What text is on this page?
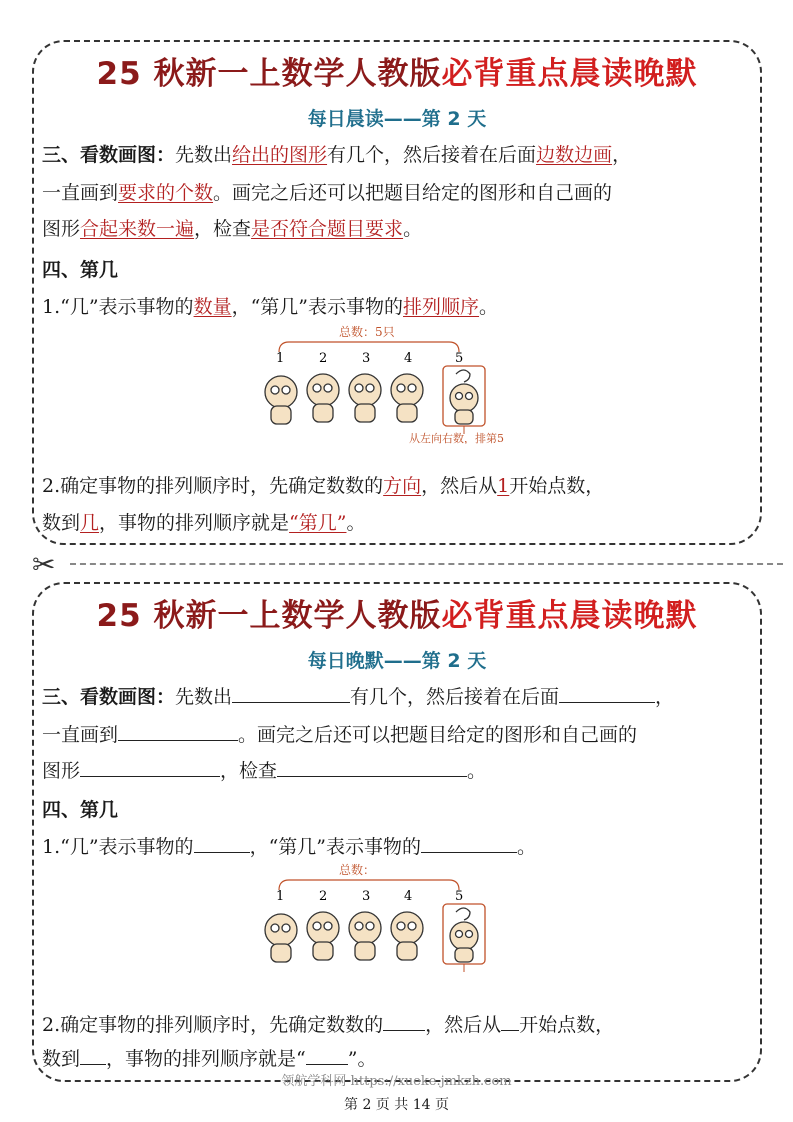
25 秋新一上数学人教版必背重点晨读晚默
每日晨读——第 2 天
三、看数画图：先数出给出的图形有几个，然后接着在后面边数边画，
一直画到要求的个数。画完之后还可以把题目给定的图形和自己画的
图形合起来数一遍，检查是否符合题目要求。
四、第几
1.“几”表示事物的数量，“第几”表示事物的排列顺序。
总数：5只
1	2	3	4	5
从左向右数，排第5
2.确定事物的排列顺序时，先确定数数的方向，然后从1开始点数，
数到几，事物的排列顺序就是“第几”。
✂
25 秋新一上数学人教版必背重点晨读晚默
每日晚默——第 2 天
三、看数画图：先数出	有几个，然后接着在后面	，
一直画到	。画完之后还可以把题目给定的图形和自己画的
图形	，检查	。
四、第几
1.“几”表示事物的	，“第几”表示事物的	。
总数：
1	2	3	4	5
2.确定事物的排列顺序时，先确定数数的 ，然后从 开始点数，
数到 ，事物的排列顺序就是“ ”。
领航学科网 https://xueke.jmkzh.com
第 2 页 共 14 页
